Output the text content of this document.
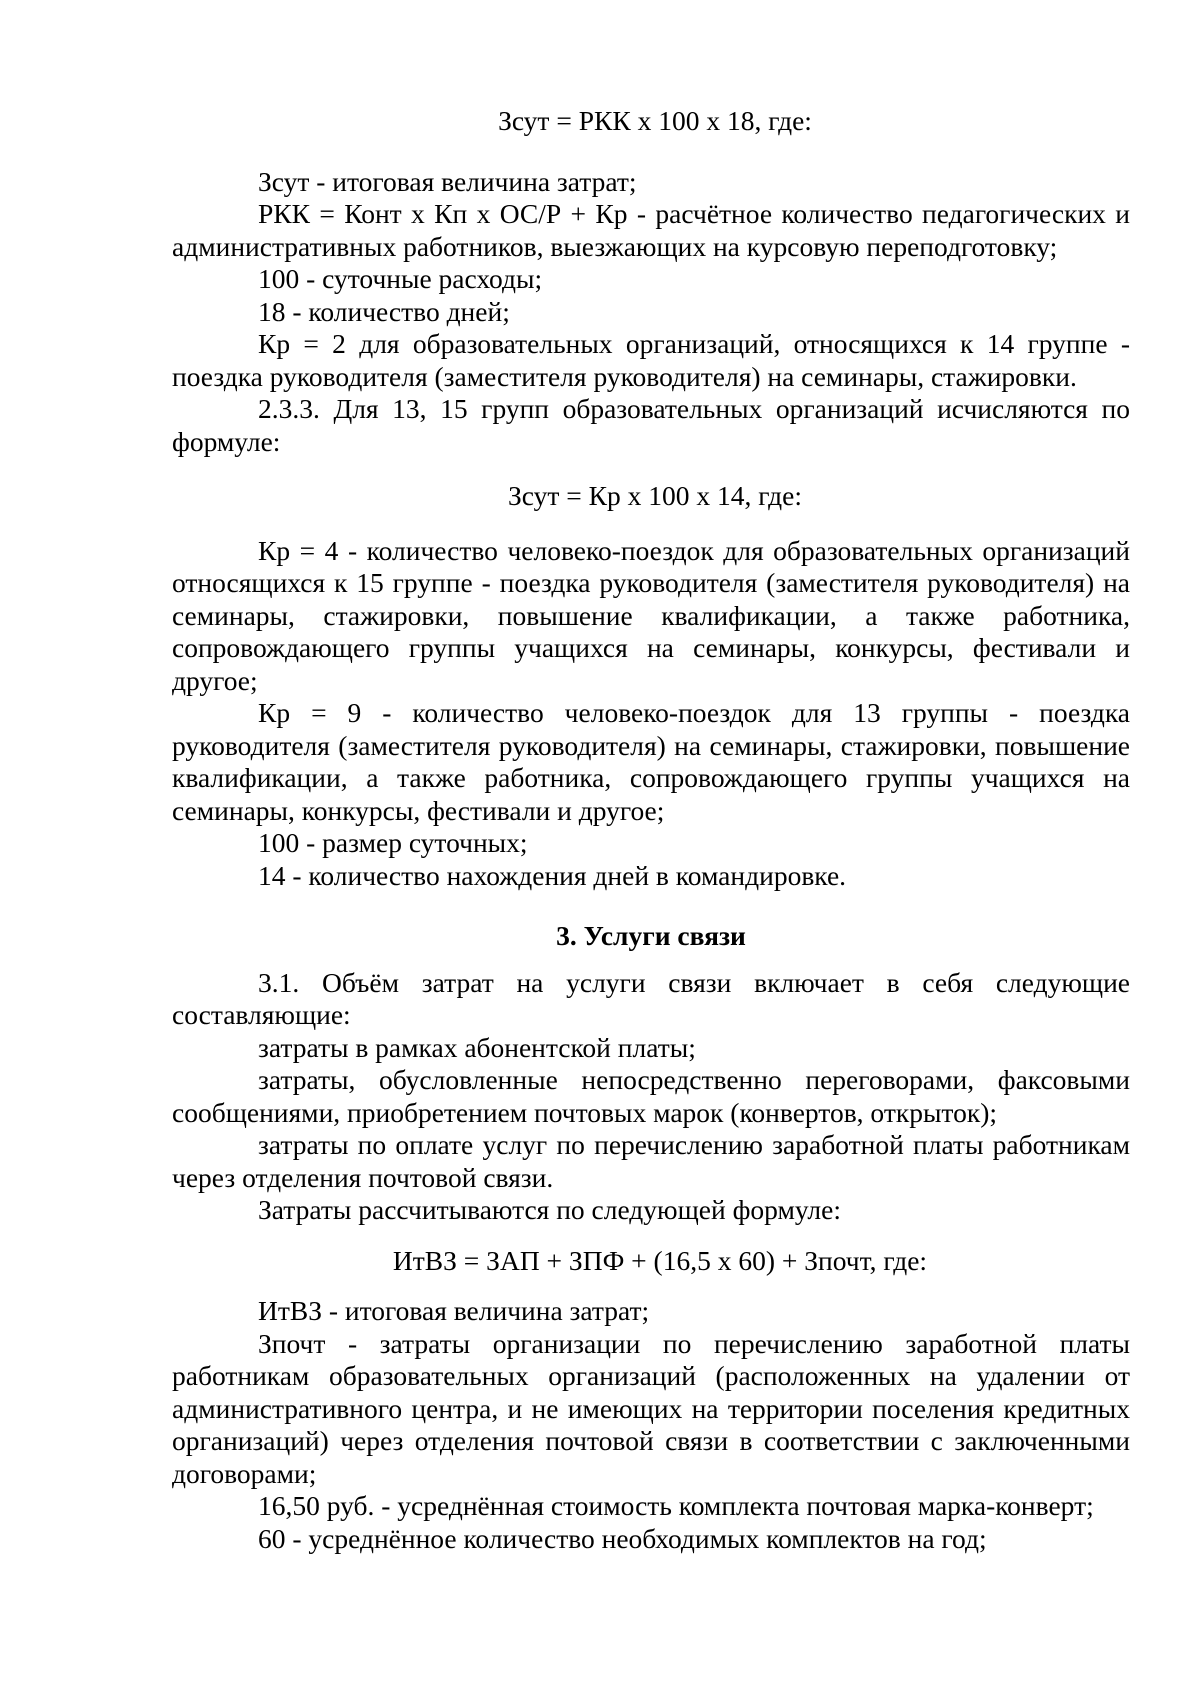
Зсут = РКК х 100 х 18, где:

Зсут - итоговая величина затрат;

РКК = Конт х Кп х ОС/Р + Кр - расчётное количество педагогических и административных работников, выезжающих на курсовую переподготовку;

100 - суточные расходы;

18 - количество дней;

Кр = 2 для образовательных организаций, относящихся к 14 группе - поездка руководителя (заместителя руководителя) на семинары, стажировки.

2.3.3. Для 13, 15 групп образовательных организаций исчисляются по формуле:

Зсут = Кр х 100 х 14, где:

Кр = 4 - количество человеко-поездок для образовательных организаций относящихся к 15 группе - поездка руководителя (заместителя руководителя) на семинары, стажировки, повышение квалификации, а также работника, сопровождающего группы учащихся на семинары, конкурсы, фестивали и другое;

Кр = 9 - количество человеко-поездок для 13 группы - поездка руководителя (заместителя руководителя) на семинары, стажировки, повышение квалификации, а также работника, сопровождающего группы учащихся на семинары, конкурсы, фестивали и другое;

100 - размер суточных;

14 - количество нахождения дней в командировке.

3. Услуги связи

3.1. Объём затрат на услуги связи включает в себя следующие составляющие:

затраты в рамках абонентской платы;

затраты, обусловленные непосредственно переговорами, факсовыми сообщениями, приобретением почтовых марок (конвертов, открыток);

затраты по оплате услуг по перечислению заработной платы работникам через отделения почтовой связи.

Затраты рассчитываются по следующей формуле:

ИтВЗ = ЗАП + ЗПФ + (16,5 х 60) + Зпочт, где:

ИтВЗ - итоговая величина затрат;

Зпочт - затраты организации по перечислению заработной платы работникам образовательных организаций (расположенных на удалении от административного центра, и не имеющих на территории поселения кредитных организаций) через отделения почтовой связи в соответствии с заключенными договорами;

16,50 руб. - усреднённая стоимость комплекта почтовая марка-конверт;

60 - усреднённое количество необходимых комплектов на год;
